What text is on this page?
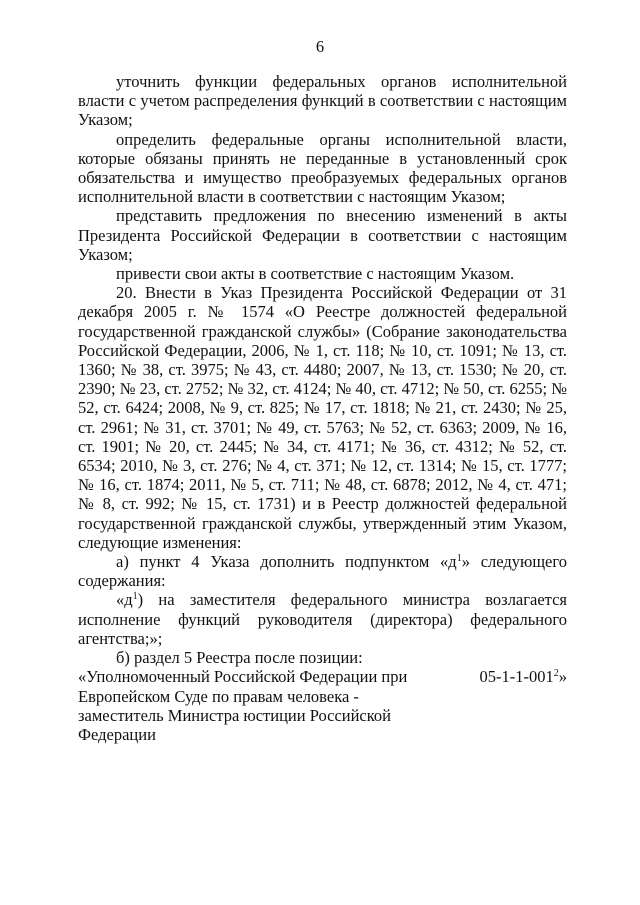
6

уточнить функции федеральных органов исполнительной власти с учетом распределения функций в соответствии с настоящим Указом;

определить федеральные органы исполнительной власти, которые обязаны принять не переданные в установленный срок обязательства и имущество преобразуемых федеральных органов исполнительной власти в соответствии с настоящим Указом;

представить предложения по внесению изменений в акты Президента Российской Федерации в соответствии с настоящим Указом;

привести свои акты в соответствие с настоящим Указом.

20. Внести в Указ Президента Российской Федерации от 31 декабря 2005 г. № 1574 «О Реестре должностей федеральной государственной гражданской службы» (Собрание законодательства Российской Федерации, 2006, № 1, ст. 118; № 10, ст. 1091; № 13, ст. 1360; № 38, ст. 3975; № 43, ст. 4480; 2007, № 13, ст. 1530; № 20, ст. 2390; № 23, ст. 2752; № 32, ст. 4124; № 40, ст. 4712; № 50, ст. 6255; № 52, ст. 6424; 2008, № 9, ст. 825; № 17, ст. 1818; № 21, ст. 2430; № 25, ст. 2961; № 31, ст. 3701; № 49, ст. 5763; № 52, ст. 6363; 2009, № 16, ст. 1901; № 20, ст. 2445; № 34, ст. 4171; № 36, ст. 4312; № 52, ст. 6534; 2010, № 3, ст. 276; № 4, ст. 371; № 12, ст. 1314; № 15, ст. 1777; № 16, ст. 1874; 2011, № 5, ст. 711; № 48, ст. 6878; 2012, № 4, ст. 471; № 8, ст. 992; № 15, ст. 1731) и в Реестр должностей федеральной государственной гражданской службы, утвержденный этим Указом, следующие изменения:

а) пункт 4 Указа дополнить подпунктом «$д^1$» следующего содержания:

«$д^1$) на заместителя федерального министра возлагается исполнение функций руководителя (директора) федерального агентства;»;

б) раздел 5 Реестра после позиции:

«Уполномоченный Российской Федерации при
Европейском Суде по правам человека -
заместитель Министра юстиции Российской
Федерации
$05-1-1-001^2$»
